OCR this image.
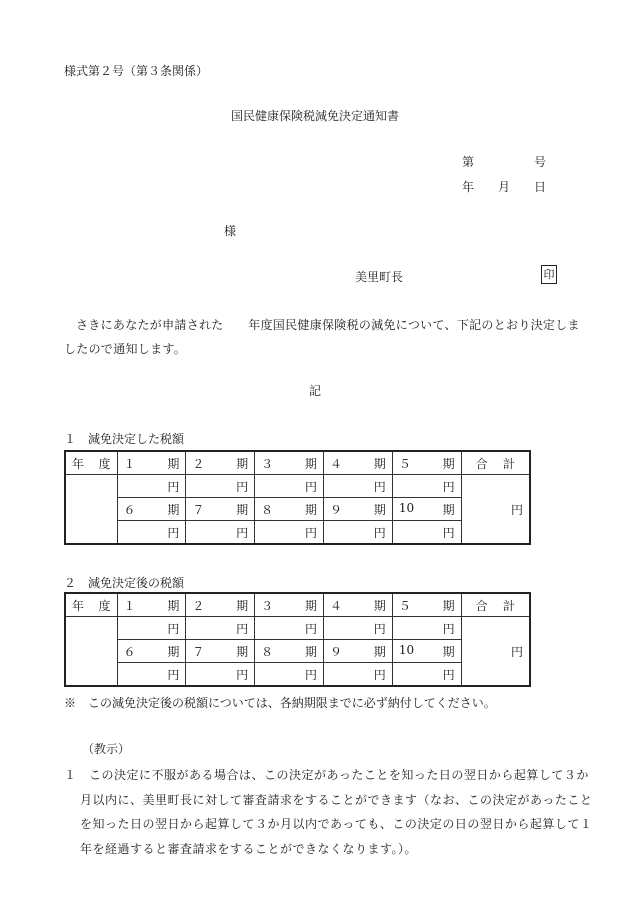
様式第２号（第３条関係）
国民健康保険税減免決定通知書
第　　　　　号
年　　月　　日
様
美里町長	印
さきにあなたが申請された　　年度国民健康保険税の減免について、下記のとおり決定しましたので通知します。
記
１　減免決定した税額
年 度	１ 期	２ 期	３ 期	４ 期	５ 期	合 計

	円	円	円	円	円	円

	６ 期	７ 期	８ 期	９ 期	10 期	

	円	円	円	円	円	
２　減免決定後の税額
年 度	１ 期	２ 期	３ 期	４ 期	５ 期	合 計

	円	円	円	円	円	円

	６ 期	７ 期	８ 期	９ 期	10 期	

	円	円	円	円	円	
※　この減免決定後の税額については、各納期限までに必ず納付してください。
（教示）
１　この決定に不服がある場合は、この決定があったことを知った日の翌日から起算して３か月以内に、美里町長に対して審査請求をすることができます（なお、この決定があったことを知った日の翌日から起算して３か月以内であっても、この決定の日の翌日から起算して１年を経過すると審査請求をすることができなくなります。）。
